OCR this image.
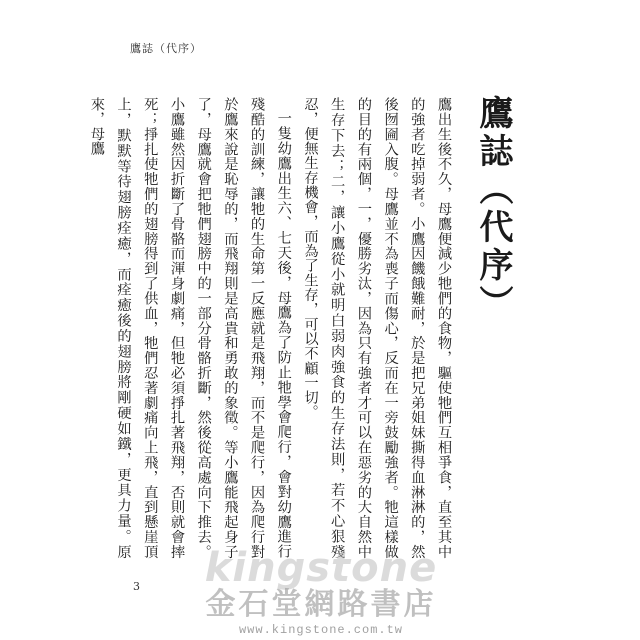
鷹誌（代序）
鷹誌（代序）

鷹出生後不久，母鷹便減少牠們的食物，驅使牠們互相爭食，直至其中的強者吃掉弱者。小鷹因饑餓難耐，於是把兄弟姐妹撕得血淋淋的，然後囫圇入腹。母鷹並不為喪子而傷心，反而在一旁鼓勵強者。牠這樣做的目的有兩個，一，優勝劣汰，因為只有強者才可以在惡劣的大自然中生存下去；二，讓小鷹從小就明白弱肉強食的生存法則，若不心狠殘忍，便無生存機會，而為了生存，可以不顧一切。

一隻幼鷹出生六、七天後，母鷹為了防止牠學會爬行，會對幼鷹進行殘酷的訓練，讓牠的生命第一反應就是飛翔，而不是爬行，因為爬行對於鷹來說是恥辱的，而飛翔則是高貴和勇敢的象徵。等小鷹能飛起身子了，母鷹就會把牠們翅膀中的一部分骨骼折斷，然後從高處向下推去。小鷹雖然因折斷了骨骼而渾身劇痛，但牠必須掙扎著飛翔，否則就會摔死；掙扎使牠們的翅膀得到了供血，牠們忍著劇痛向上飛，直到懸崖頂上，默默等待翅膀痊癒，而痊癒後的翅膀將剛硬如鐵，更具力量。原來，母鷹

3 kingstone
金石堂網路書店
www.kingstone.com.tw
